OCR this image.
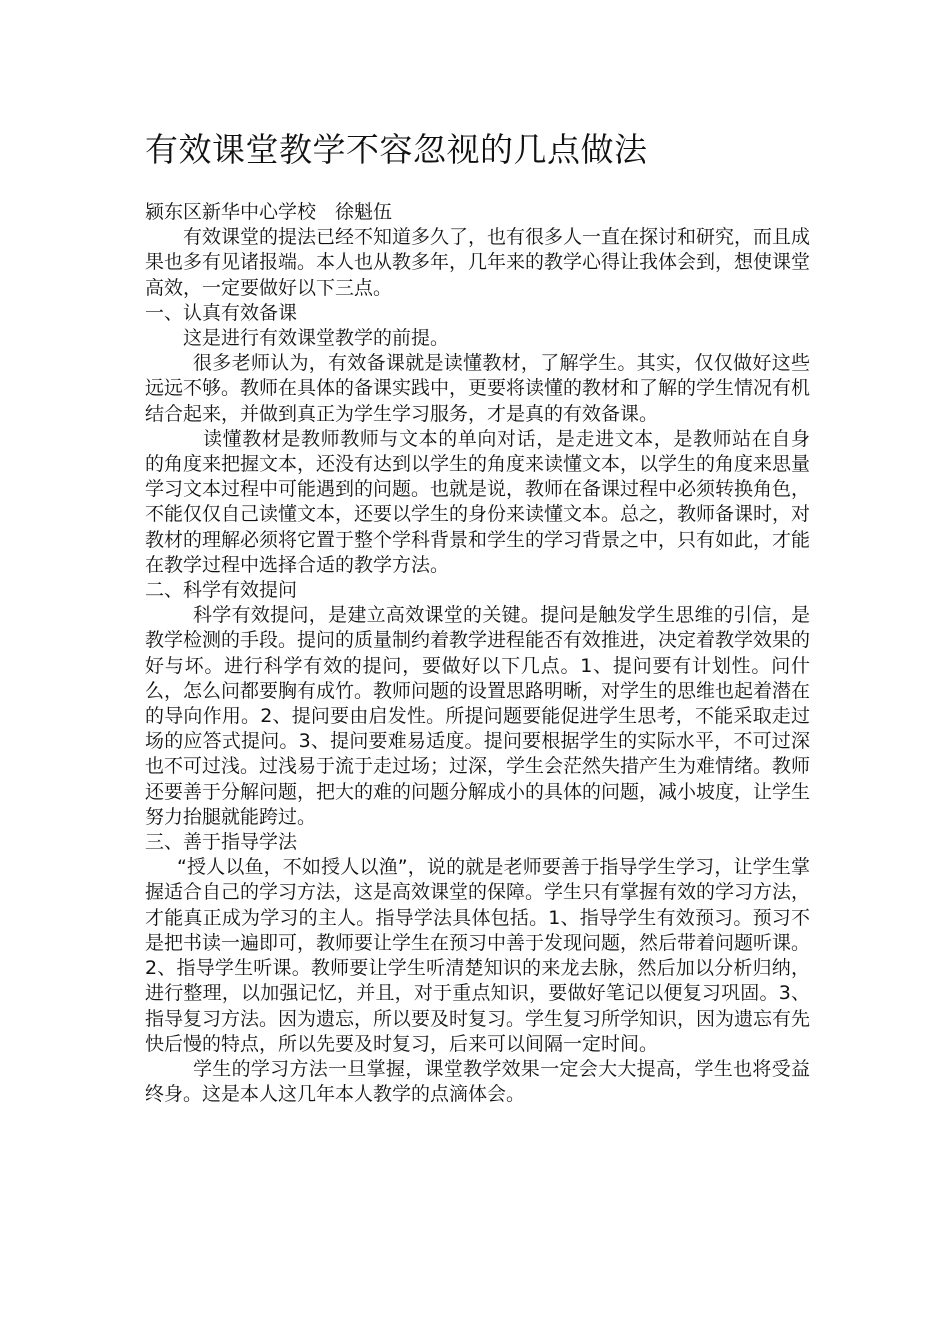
有效课堂教学不容忽视的几点做法

颍东区新华中心学校　徐魁伍

有效课堂的提法已经不知道多久了，也有很多人一直在探讨和研究，而且成果也多有见诸报端。本人也从教多年，几年来的教学心得让我体会到，想使课堂高效，一定要做好以下三点。

一、认真有效备课

这是进行有效课堂教学的前提。

很多老师认为，有效备课就是读懂教材，了解学生。其实，仅仅做好这些远远不够。教师在具体的备课实践中，更要将读懂的教材和了解的学生情况有机结合起来，并做到真正为学生学习服务，才是真的有效备课。

读懂教材是教师教师与文本的单向对话，是走进文本，是教师站在自身的角度来把握文本，还没有达到以学生的角度来读懂文本，以学生的角度来思量学习文本过程中可能遇到的问题。也就是说，教师在备课过程中必须转换角色，不能仅仅自己读懂文本，还要以学生的身份来读懂文本。总之，教师备课时，对教材的理解必须将它置于整个学科背景和学生的学习背景之中，只有如此，才能在教学过程中选择合适的教学方法。

二、科学有效提问

科学有效提问，是建立高效课堂的关键。提问是触发学生思维的引信，是教学检测的手段。提问的质量制约着教学进程能否有效推进，决定着教学效果的好与坏。进行科学有效的提问，要做好以下几点。1、提问要有计划性。问什么，怎么问都要胸有成竹。教师问题的设置思路明晰，对学生的思维也起着潜在的导向作用。2、提问要由启发性。所提问题要能促进学生思考，不能采取走过场的应答式提问。3、提问要难易适度。提问要根据学生的实际水平，不可过深也不可过浅。过浅易于流于走过场；过深，学生会茫然失措产生为难情绪。教师还要善于分解问题，把大的难的问题分解成小的具体的问题，减小坡度，让学生努力抬腿就能跨过。

三、善于指导学法

“授人以鱼，不如授人以渔”，说的就是老师要善于指导学生学习，让学生掌握适合自己的学习方法，这是高效课堂的保障。学生只有掌握有效的学习方法，才能真正成为学习的主人。指导学法具体包括。1、指导学生有效预习。预习不是把书读一遍即可，教师要让学生在预习中善于发现问题，然后带着问题听课。2、指导学生听课。教师要让学生听清楚知识的来龙去脉，然后加以分析归纳，进行整理，以加强记忆，并且，对于重点知识，要做好笔记以便复习巩固。3、指导复习方法。因为遗忘，所以要及时复习。学生复习所学知识，因为遗忘有先快后慢的特点，所以先要及时复习，后来可以间隔一定时间。

学生的学习方法一旦掌握，课堂教学效果一定会大大提高，学生也将受益终身。这是本人这几年本人教学的点滴体会。
